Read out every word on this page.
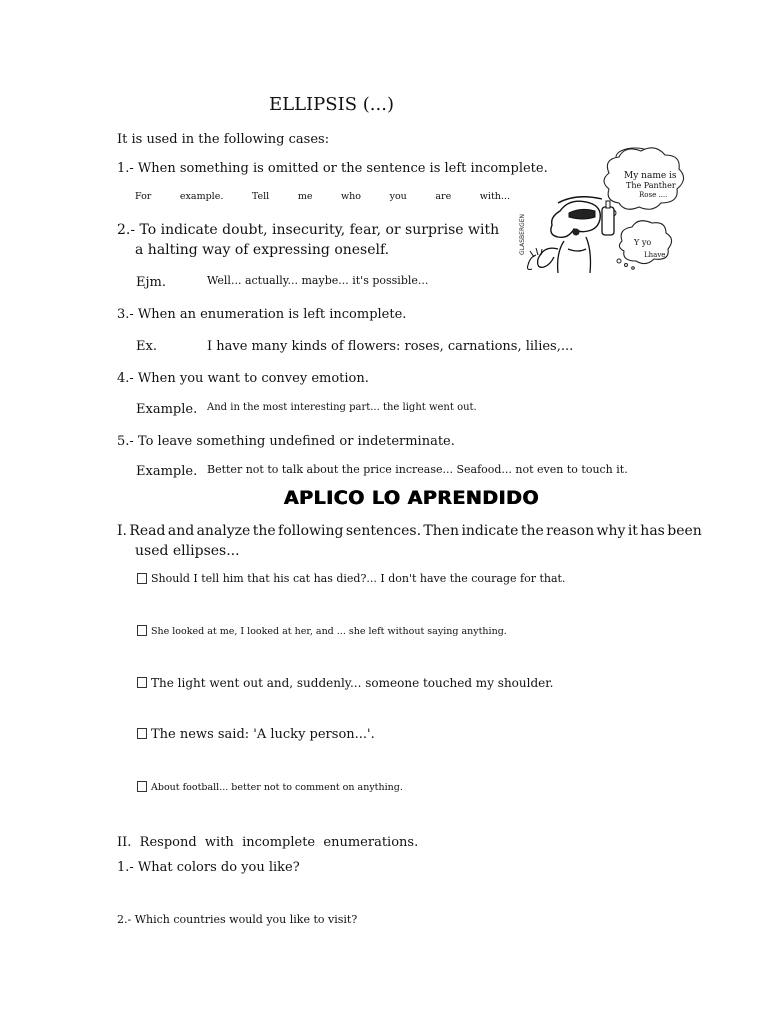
ELLIPSIS (...)
It is used in the following cases:
1.- When something is omitted or the sentence is left incomplete.
For	example.	Tell	me	who	you	are	with...
2.- To indicate doubt, insecurity, fear, or surprise with
a halting way of expressing oneself.
Ejm.	Well... actually... maybe... it's possible...
3.- When an enumeration is left incomplete.
Ex.	I have many kinds of flowers: roses, carnations, lilies,...
4.- When you want to convey emotion.
Example. And in the most interesting part... the light went out.
5.- To leave something undefined or indeterminate.
Example. Better not to talk about the price increase... Seafood... not even to touch it.
My name is
The Panther
Rose ....
Y yo
Lhave
GLASBERGEN
APLICO LO APRENDIDO
I. Read and analyze the following sentences. Then indicate the reason why it has been
used ellipses...
Should I tell him that his cat has died?... I don't have the courage for that.
She looked at me, I looked at her, and ... she left without saying anything.
The light went out and, suddenly... someone touched my shoulder.
The news said: 'A lucky person...'.
About football... better not to comment on anything.
II.  Respond  with  incomplete  enumerations.
1.- What colors do you like?
2.- Which countries would you like to visit?
